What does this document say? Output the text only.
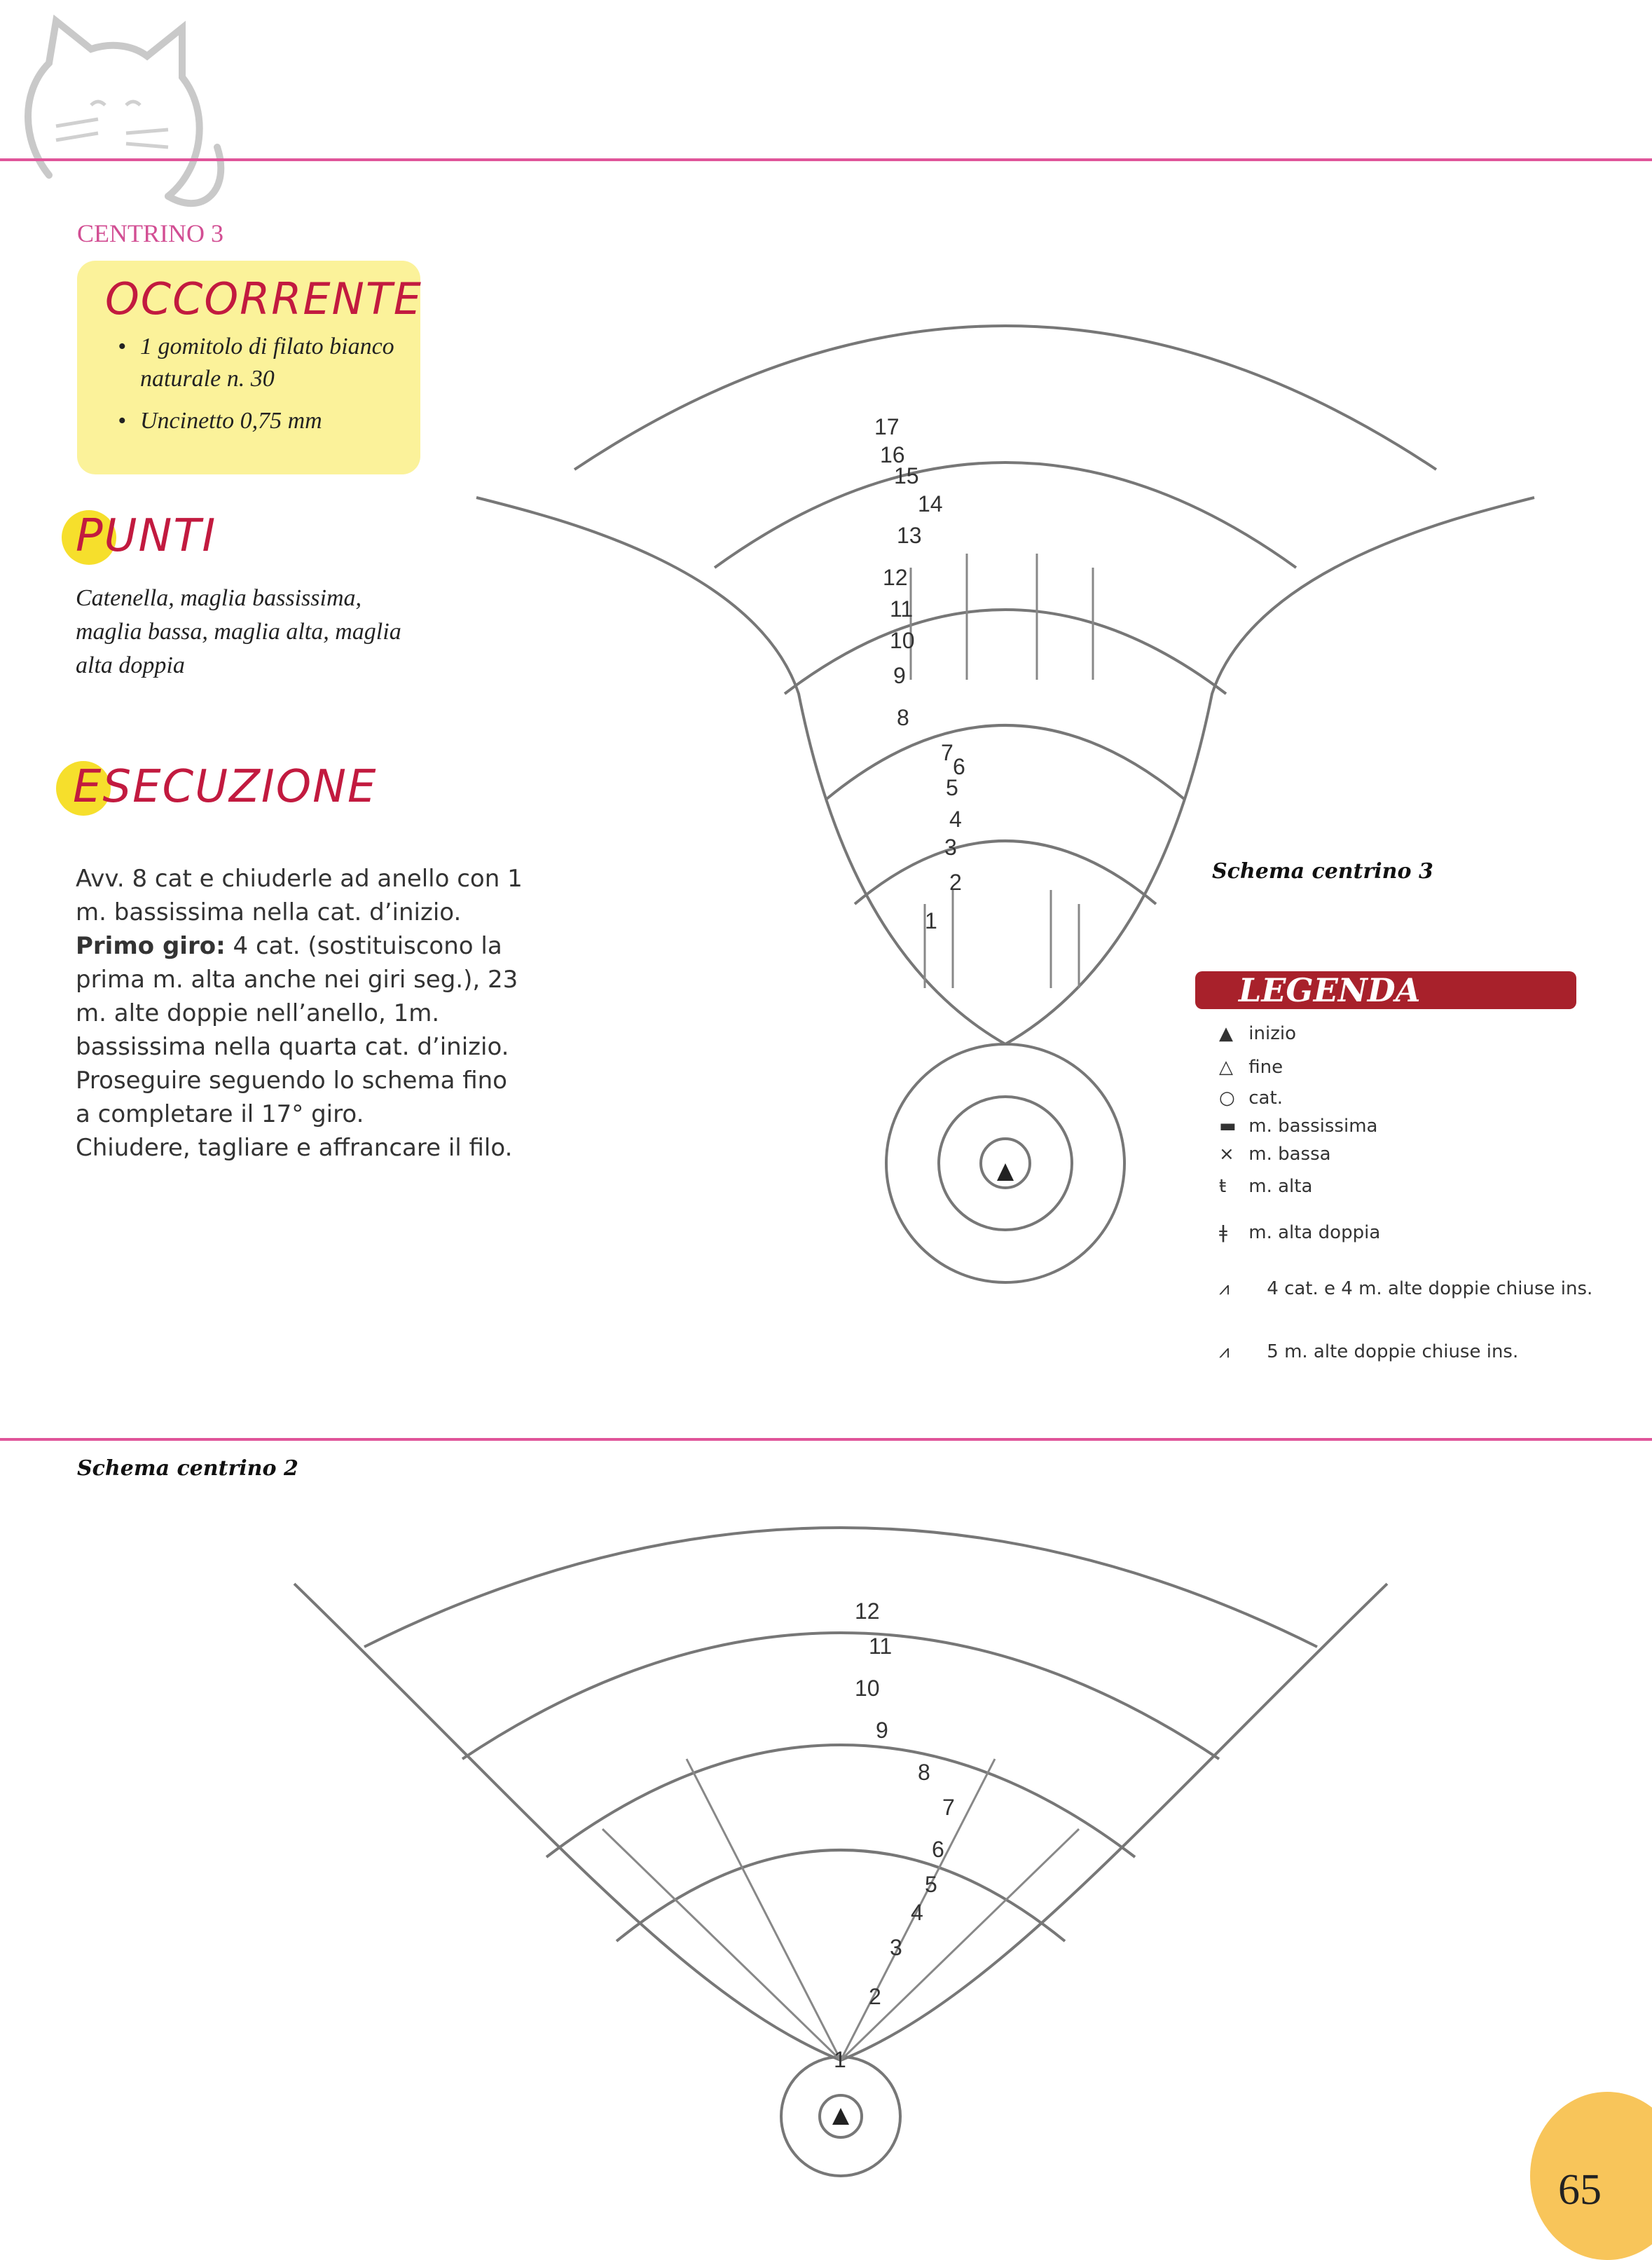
CENTRINO 3
OCCORRENTE
• 1 gomitolo di filato bianco naturale n. 30
• Uncinetto 0,75 mm
PUNTI
Catenella, maglia bassissima, maglia bassa, maglia alta, maglia alta doppia
ESECUZIONE
Avv. 8 cat e chiuderle ad anello con 1 m. bassissima nella cat. d’inizio.
Primo giro: 4 cat. (sostituiscono la prima m. alta anche nei giri seg.), 23 m. alte doppie nell’anello, 1m. bassissima nella quarta cat. d’inizio. Proseguire seguendo lo schema fino a completare il 17° giro.
Chiudere, tagliare e affrancare il filo.
1
2
3
4
5
6
7
8
9
10
11
12
13
14
15
16
17
Schema centrino 3
LEGENDA
▲ inizio
△ fine
○ cat.
▬ m. bassissima
× m. bassa
ŧ m. alta
ǂ m. alta doppia
⩘ 4 cat. e 4 m. alte doppie chiuse ins.
⩘ 5 m. alte doppie chiuse ins.
Schema centrino 2
1
2
3
4
5
6
7
8
9
10
11
12
65
